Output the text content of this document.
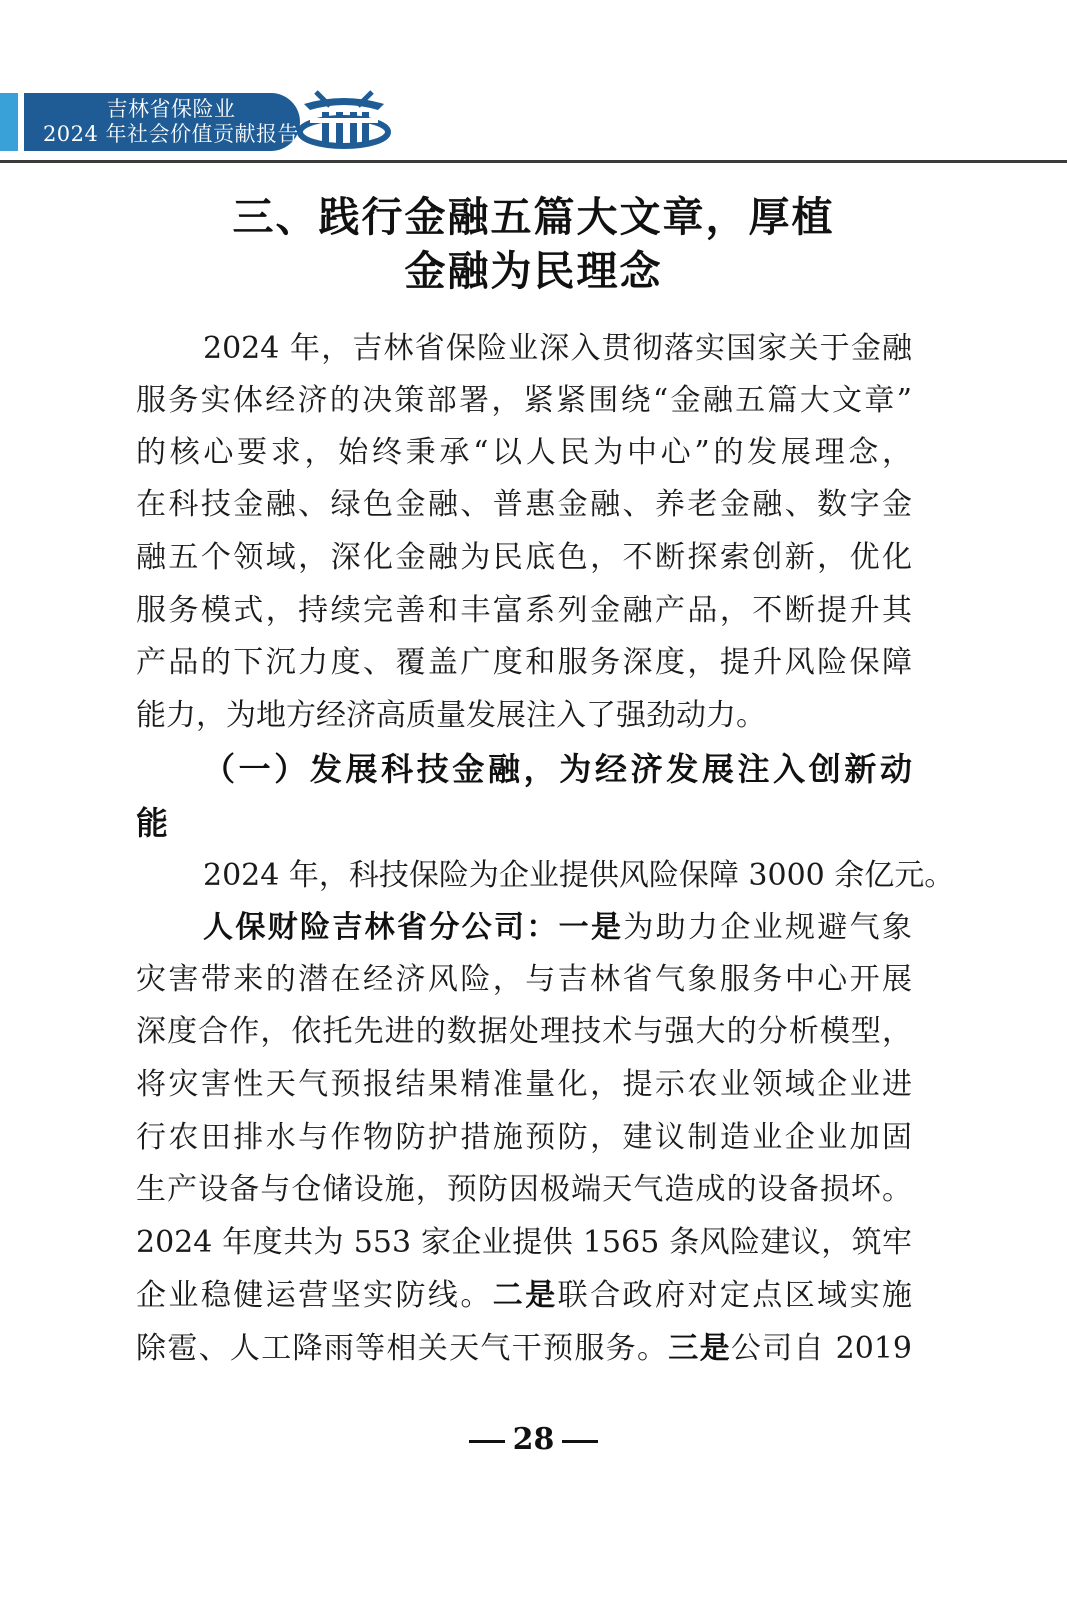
吉林省保险业
2024 年社会价值贡献报告
三、践行金融五篇大文章，厚植
金融为民理念
2024 年，吉林省保险业深入贯彻落实国家关于金融
服务实体经济的决策部署，紧紧围绕“金融五篇大文章”
的核心要求，始终秉承“以人民为中心”的发展理念，
在科技金融、绿色金融、普惠金融、养老金融、数字金
融五个领域，深化金融为民底色，不断探索创新，优化
服务模式，持续完善和丰富系列金融产品，不断提升其
产品的下沉力度、覆盖广度和服务深度，提升风险保障
能力，为地方经济高质量发展注入了强劲动力。
（一）发展科技金融，为经济发展注入创新动
能
2024 年，科技保险为企业提供风险保障 3000 余亿元。
人保财险吉林省分公司：一是为助力企业规避气象
灾害带来的潜在经济风险，与吉林省气象服务中心开展
深度合作，依托先进的数据处理技术与强大的分析模型，
将灾害性天气预报结果精准量化，提示农业领域企业进
行农田排水与作物防护措施预防，建议制造业企业加固
生产设备与仓储设施，预防因极端天气造成的设备损坏。
2024 年度共为 553 家企业提供 1565 条风险建议，筑牢
企业稳健运营坚实防线。二是联合政府对定点区域实施
除雹、人工降雨等相关天气干预服务。三是公司自 2019
28
